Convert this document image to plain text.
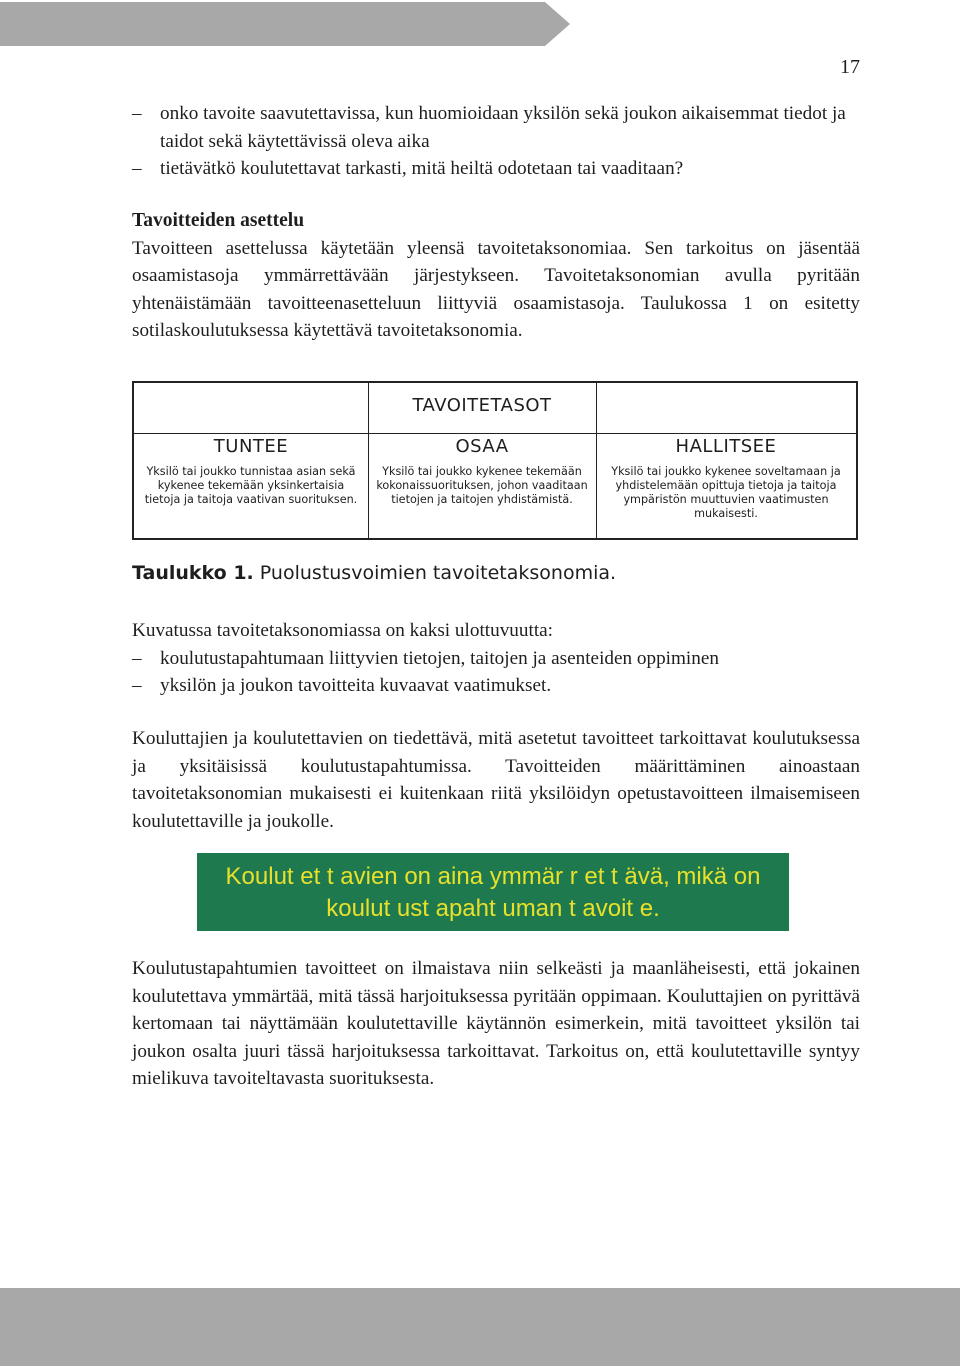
17
– onko tavoite saavutettavissa, kun huomioidaan yksilön sekä joukon aikaisemmat tiedot ja taidot sekä käytettävissä oleva aika
– tietävätkö koulutettavat tarkasti, mitä heiltä odotetaan tai vaaditaan?
Tavoitteiden asettelu

Tavoitteen asettelussa käytetään yleensä tavoitetaksonomiaa. Sen tarkoitus on jäsentää osaamistasoja ymmärrettävään järjestykseen. Tavoitetaksonomian avulla pyritään yhtenäistämään tavoitteenasetteluun liittyviä osaamistasoja. Taulukossa 1 on esitetty sotilaskoulutuksessa käytettävä tavoitetaksonomia.

TAVOITETASOT
TUNTEE
Yksilö tai joukko tunnistaa asian sekä kykenee tekemään yksinkertaisia tietoja ja taitoja vaativan suorituksen.
OSAA
Yksilö tai joukko kykenee tekemään kokonaissuorituksen, johon vaaditaan tietojen ja taitojen yhdistämistä.
HALLITSEE
Yksilö tai joukko kykenee soveltamaan ja yhdistelemään opittuja tietoja ja taitoja ympäristön muuttuvien vaatimusten mukaisesti.
Taulukko 1. Puolustusvoimien tavoitetaksonomia.

Kuvatussa tavoitetaksonomiassa on kaksi ulottuvuutta:

– koulutustapahtumaan liittyvien tietojen, taitojen ja asenteiden oppiminen
– yksilön ja joukon tavoitteita kuvaavat vaatimukset.

Kouluttajien ja koulutettavien on tiedettävä, mitä asetetut tavoitteet tarkoittavat koulutuksessa ja yksitäisissä koulutustapahtumissa. Tavoitteiden määrittäminen ainoastaan tavoitetaksonomian mukaisesti ei kuitenkaan riitä yksilöidyn opetustavoitteen ilmaisemiseen koulutettaville ja joukolle.

Koulut et t avien on aina ymmär r et t ävä, mikä on
koulut ust apaht uman t avoit e.

Koulutustapahtumien tavoitteet on ilmaistava niin selkeästi ja maanläheisesti, että jokainen koulutettava ymmärtää, mitä tässä harjoituksessa pyritään oppimaan. Kouluttajien on pyrittävä kertomaan tai näyttämään koulutettaville käytännön esimerkein, mitä tavoitteet yksilön tai joukon osalta juuri tässä harjoituksessa tarkoittavat. Tarkoitus on, että koulutettaville syntyy mielikuva tavoiteltavasta suorituksesta.
